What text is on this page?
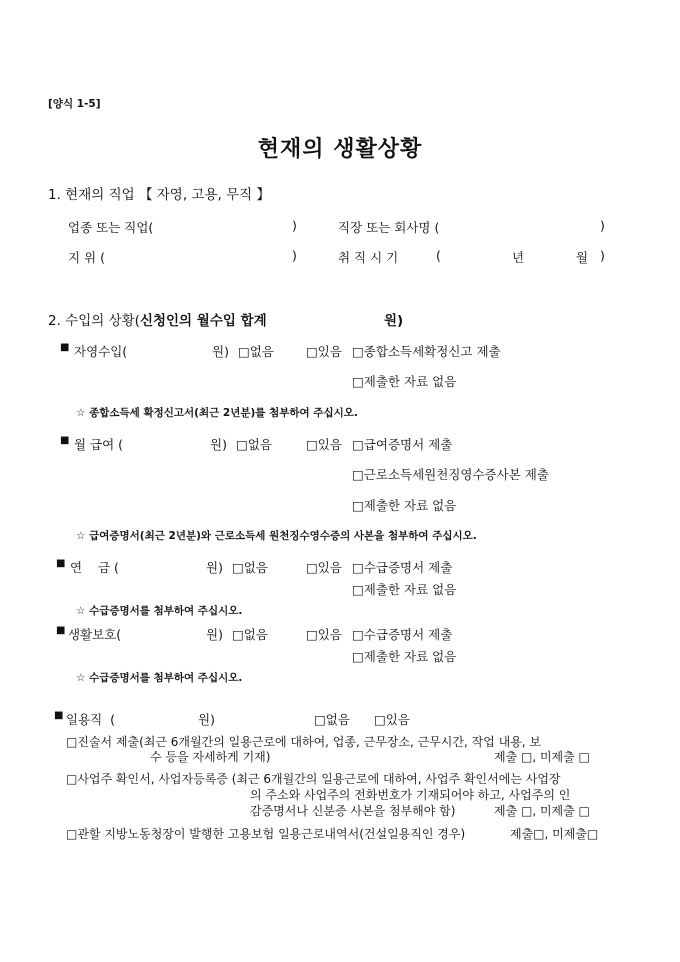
[양식 1-5]
현재의 생활상황
1. 현재의 직업 【 자영, 고용, 무직 】
업종 또는 직업(	)	직장 또는 회사명 (	)
지 위 (	)	취 직 시 기	(	년	월 )
2. 수입의 상황(신청인의 월수입 합계	원)
■ 자영수입(	원) □없음	□있음 □종합소득세확정신고 제출
□제출한 자료 없음
☆ 종합소득세 확정신고서(최근 2년분)를 첨부하여 주십시오.
■ 월 급여 (	원) □없음	□있음 □급여증명서 제출
□근로소득세원천징영수증사본 제출
□제출한 자료 없음
☆ 급여증명서(최근 2년분)와 근로소득세 원천징수영수증의 사본을 첨부하여 주십시오.
■ 연    금 (	원) □없음	□있음 □수급증명서 제출
□제출한 자료 없음
☆ 수급증명서를 첨부하여 주십시오.
■ 생활보호(	원) □없음	□있음 □수급증명서 제출
□제출한 자료 없음
☆ 수급증명서를 첨부하여 주십시오.
■ 일용직  (	원)	□없음 □있음
□진술서 제출(최근 6개월간의 일용근로에 대하여, 업종, 근무장소, 근무시간, 작업 내용, 보
수 등을 자세하게 기재)	제출 □, 미제출 □
□사업주 확인서, 사업자등록증 (최근 6개월간의 일용근로에 대하여, 사업주 확인서에는 사업장
의 주소와 사업주의 전화번호가 기재되어야 하고, 사업주의 인
감증명서나 신분증 사본을 첨부해야 함)	제출 □, 미제출 □
□관할 지방노동청장이 발행한 고용보험 일용근로내역서(건설일용직인 경우)	제출□, 미제출□
